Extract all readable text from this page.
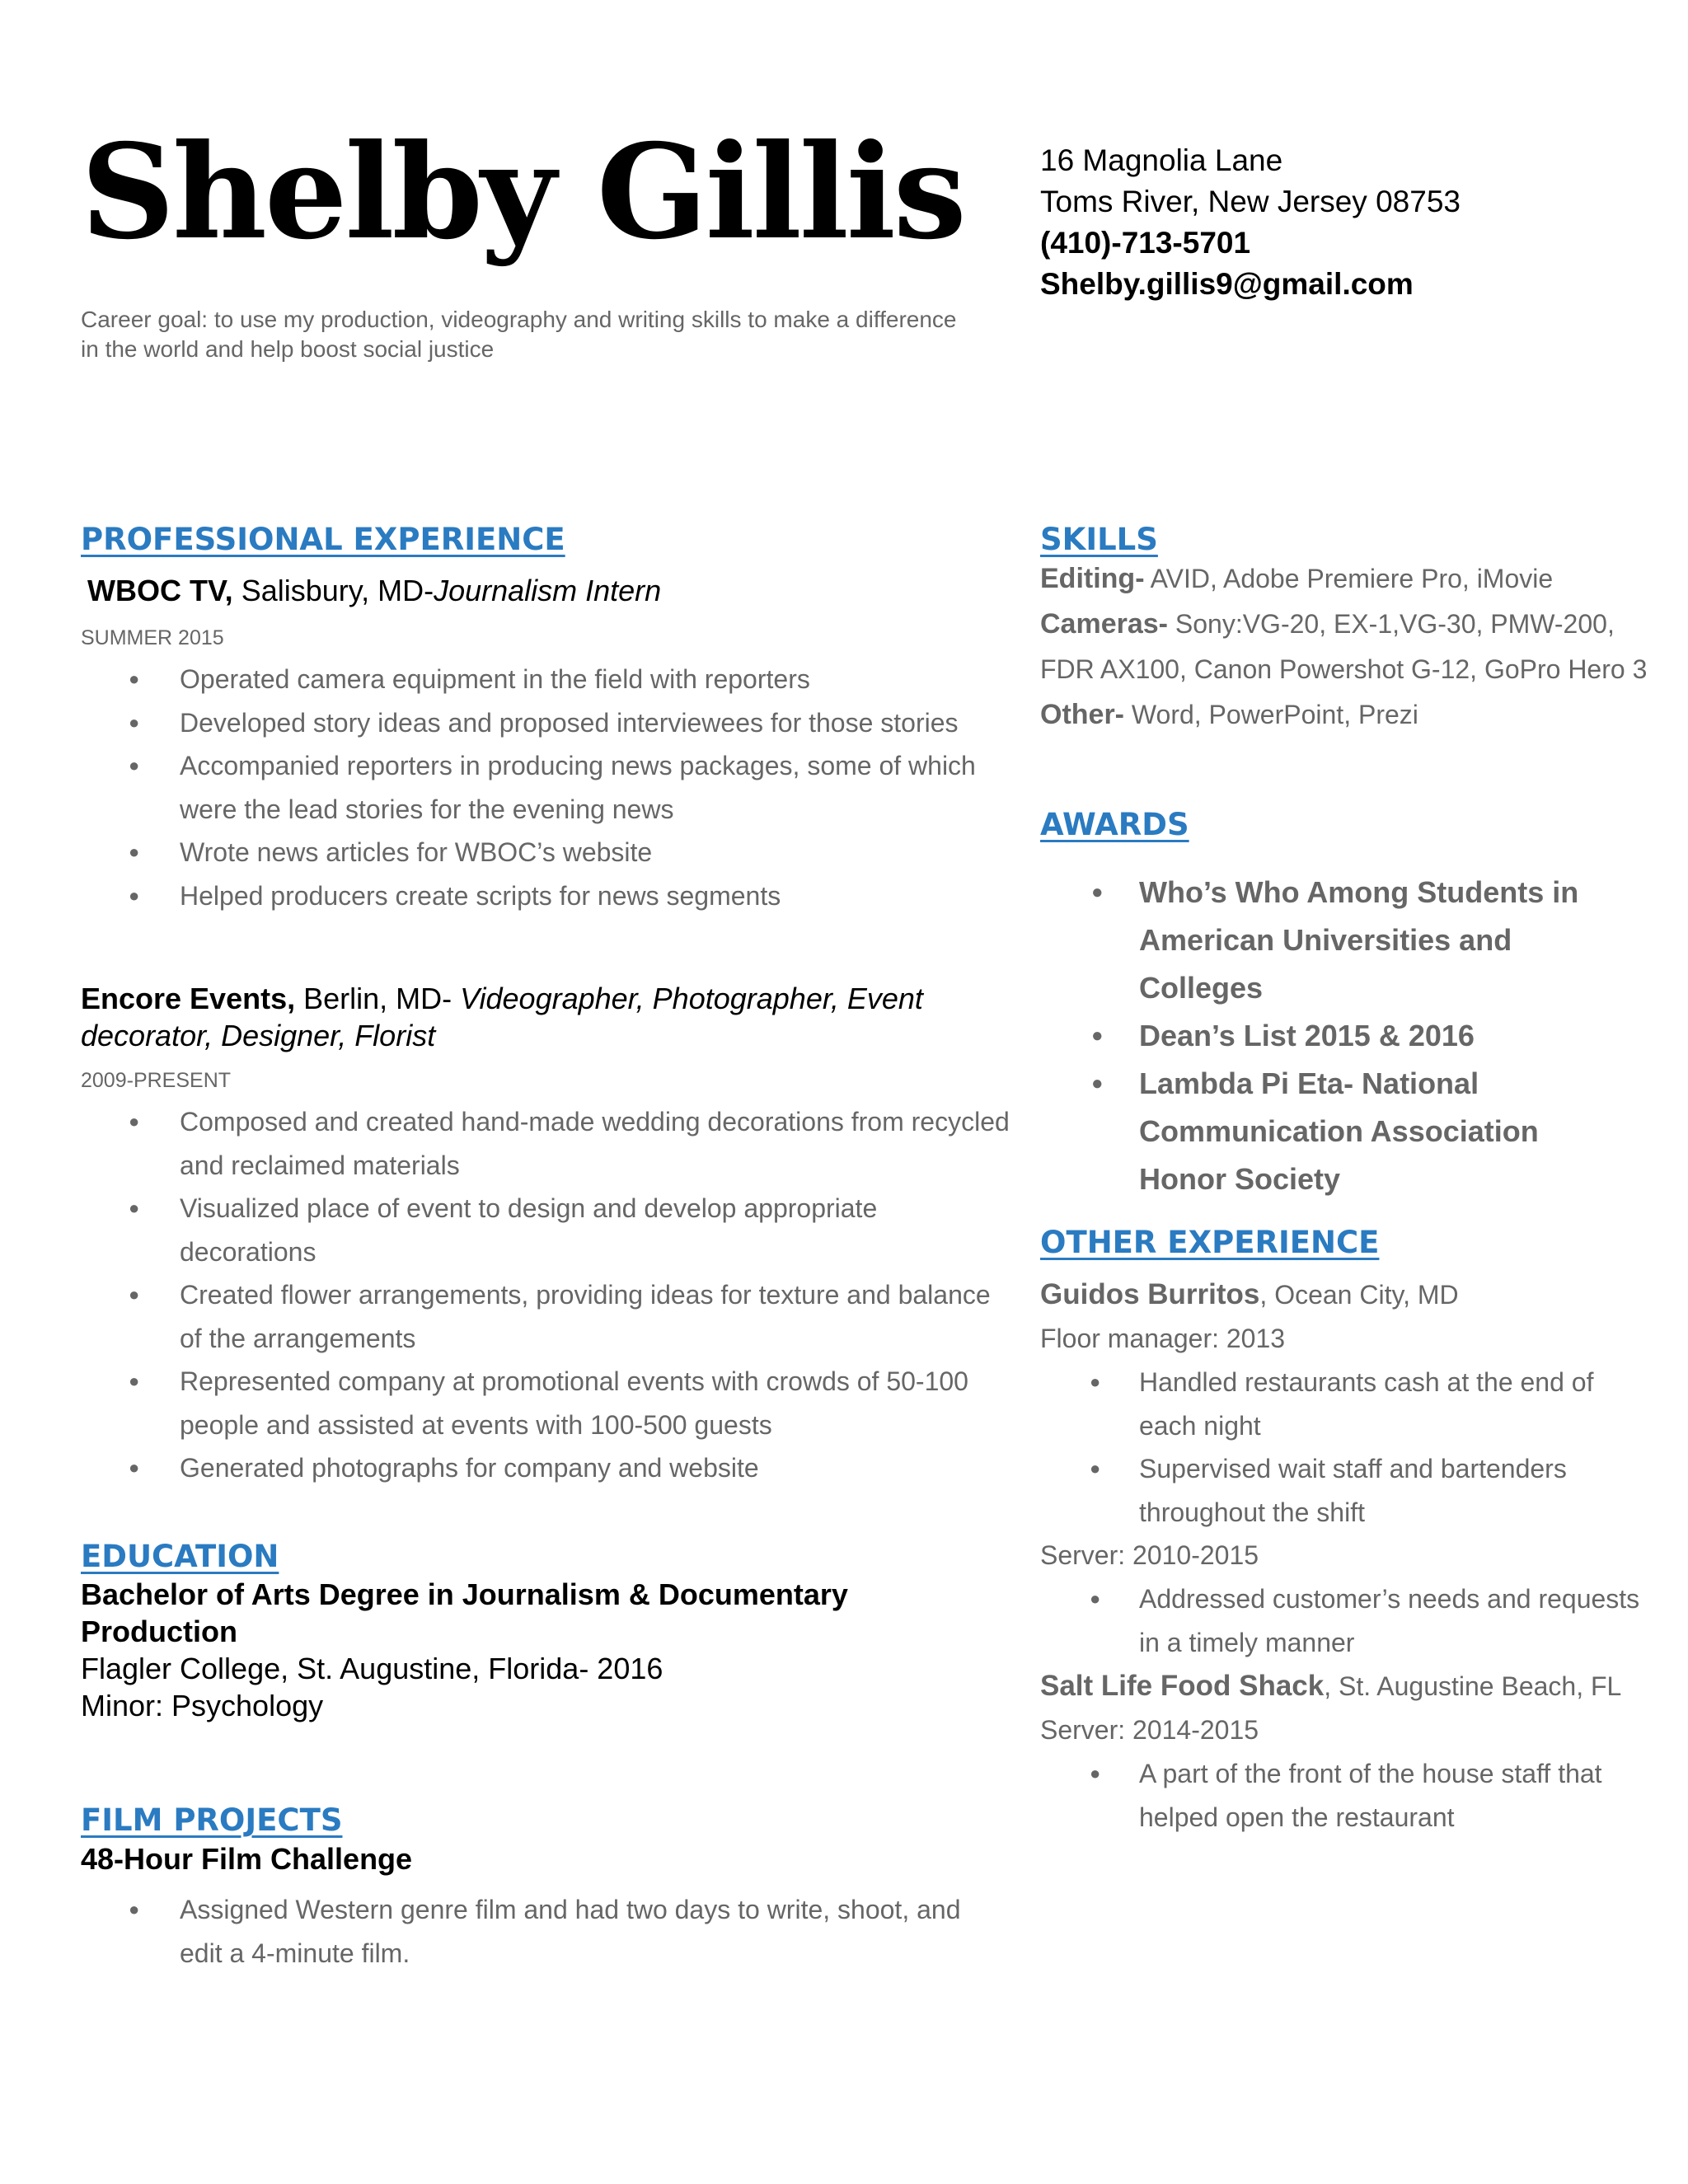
Shelby Gillis
Career goal: to use my production, videography and writing skills to make a difference in the world and help boost social justice
16 Magnolia Lane
Toms River, New Jersey 08753
(410)-713-5701
Shelby.gillis9@gmail.com
PROFESSIONAL EXPERIENCE
WBOC TV, Salisbury, MD-Journalism Intern
SUMMER 2015
● Operated camera equipment in the field with reporters
● Developed story ideas and proposed interviewees for those stories
● Accompanied reporters in producing news packages, some of which were the lead stories for the evening news
● Wrote news articles for WBOC’s website
● Helped producers create scripts for news segments
Encore Events, Berlin, MD- Videographer, Photographer, Event decorator, Designer, Florist
2009-PRESENT
● Composed and created hand-made wedding decorations from recycled and reclaimed materials
● Visualized place of event to design and develop appropriate decorations
● Created flower arrangements, providing ideas for texture and balance of the arrangements
● Represented company at promotional events with crowds of 50-100 people and assisted at events with 100-500 guests
● Generated photographs for company and website
EDUCATION
Bachelor of Arts Degree in Journalism & Documentary Production
Flagler College, St. Augustine, Florida- 2016
Minor: Psychology
FILM PROJECTS
48-Hour Film Challenge
● Assigned Western genre film and had two days to write, shoot, and edit a 4-minute film.
SKILLS
Editing- AVID, Adobe Premiere Pro, iMovie
Cameras- Sony:VG-20, EX-1,VG-30, PMW-200, FDR AX100, Canon Powershot G-12, GoPro Hero 3
Other- Word, PowerPoint, Prezi
AWARDS
● Who’s Who Among Students in American Universities and Colleges
● Dean’s List 2015 & 2016
● Lambda Pi Eta- National Communication Association Honor Society
OTHER EXPERIENCE
Guidos Burritos, Ocean City, MD
Floor manager: 2013
● Handled restaurants cash at the end of each night
● Supervised wait staff and bartenders throughout the shift
Server: 2010-2015
● Addressed customer’s needs and requests in a timely manner
Salt Life Food Shack, St. Augustine Beach, FL
Server: 2014-2015
● A part of the front of the house staff that helped open the restaurant
